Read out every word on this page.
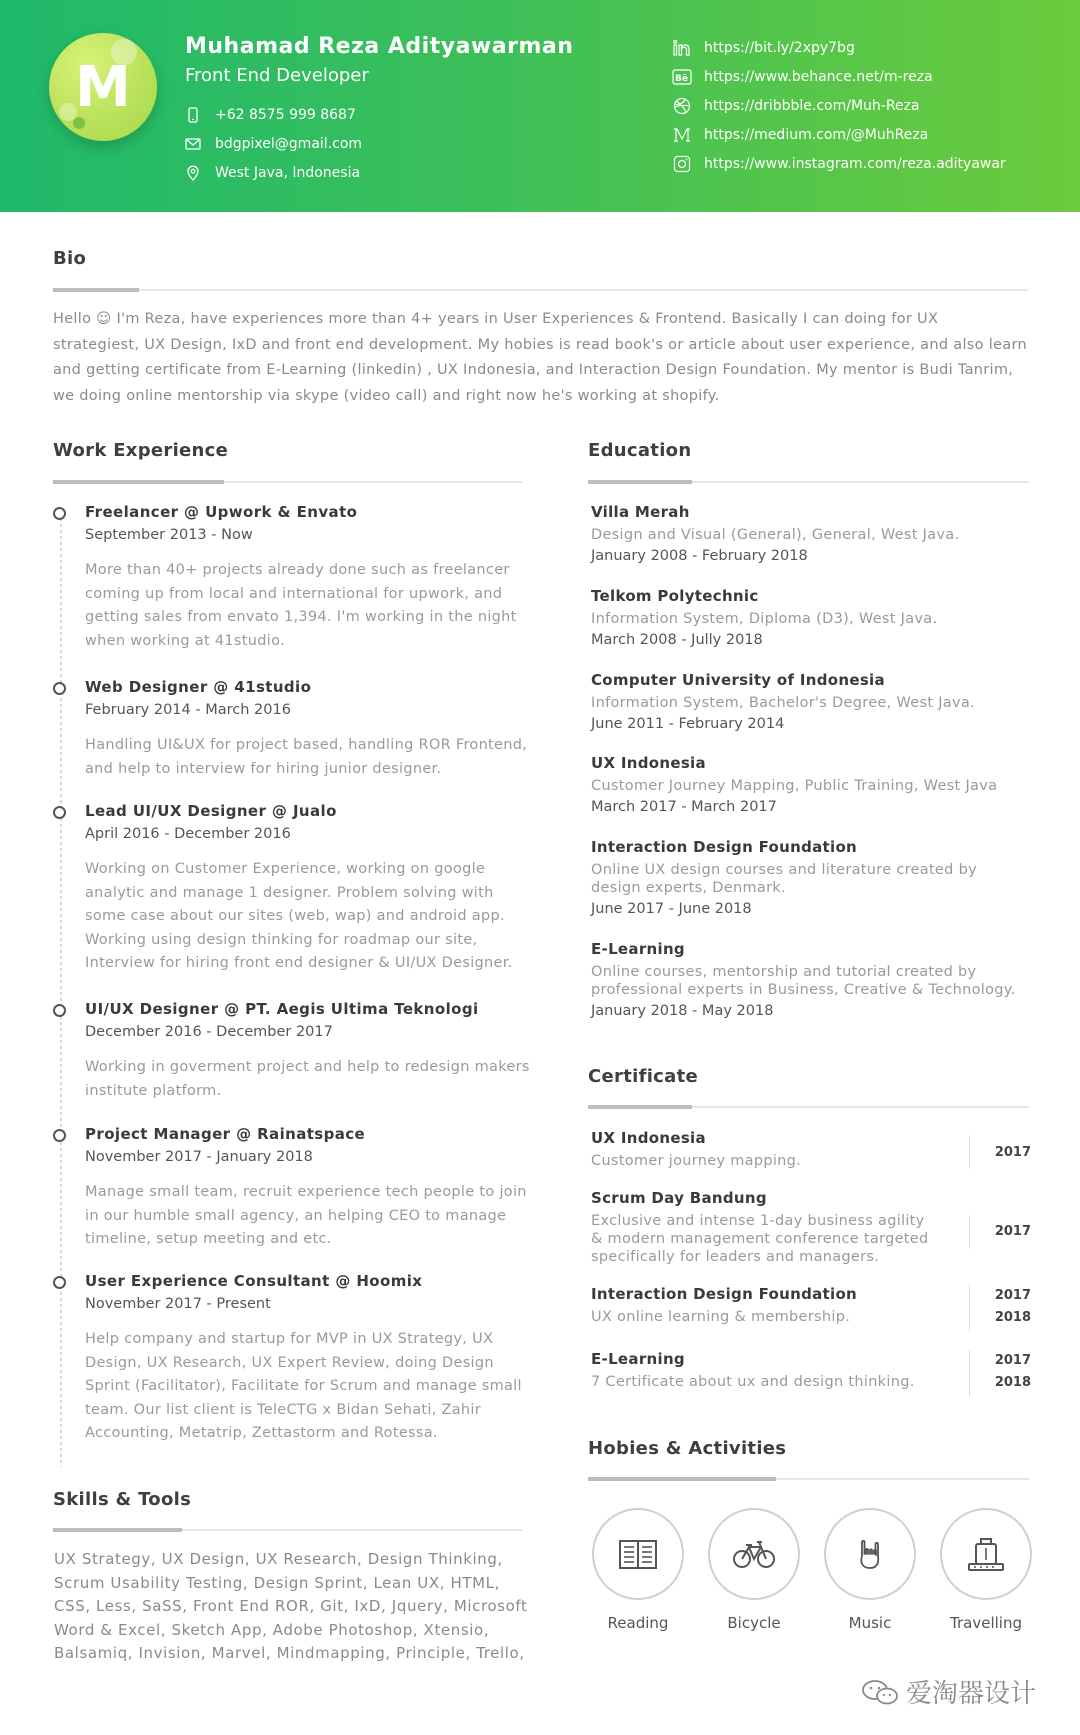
M
Muhamad Reza Adityawarman
Front End Developer
+62 8575 999 8687
bdgpixel@gmail.com
West Java, Indonesia
https://bit.ly/2xpy7bg
Bē https://www.behance.net/m-reza
https://dribbble.com/Muh-Reza
https://medium.com/@MuhReza
https://www.instagram.com/reza.adityawar
Bio
Hello ☺ I'm Reza, have experiences more than 4+ years in User Experiences & Frontend. Basically I can doing for UX strategiest, UX Design, IxD and front end development. My hobies is read book's or article about user experience, and also learn and getting certificate from E-Learning (linkedin) , UX Indonesia, and Interaction Design Foundation. My mentor is Budi Tanrim, we doing online mentorship via skype (video call) and right now he's working at shopify.
Work Experience
Freelancer @ Upwork & Envato
September 2013 - Now
More than 40+ projects already done such as freelancer coming up from local and international for upwork, and getting sales from envato 1,394. I'm working in the night when working at 41studio.
Web Designer @ 41studio
February 2014 - March 2016
Handling UI&UX for project based, handling ROR Frontend, and help to interview for hiring junior designer.
Lead UI/UX Designer @ Jualo
April 2016 - December 2016
Working on Customer Experience, working on google analytic and manage 1 designer. Problem solving with some case about our sites (web, wap) and android app. Working using design thinking for roadmap our site, Interview for hiring front end designer & UI/UX Designer.
UI/UX Designer @ PT. Aegis Ultima Teknologi
December 2016 - December 2017
Working in goverment project and help to redesign makers institute platform.
Project Manager @ Rainatspace
November 2017 - January 2018
Manage small team, recruit experience tech people to join in our humble small agency, an helping CEO to manage timeline, setup meeting and etc.
User Experience Consultant @ Hoomix
November 2017 - Present
Help company and startup for MVP in UX Strategy, UX Design, UX Research, UX Expert Review, doing Design Sprint (Facilitator), Facilitate for Scrum and manage small team. Our list client is TeleCTG x Bidan Sehati, Zahir Accounting, Metatrip, Zettastorm and Rotessa.
Education
Villa Merah
Design and Visual (General), General, West Java.
January 2008 - February 2018
Telkom Polytechnic
Information System, Diploma (D3), West Java.
March 2008 - Jully 2018
Computer University of Indonesia
Information System, Bachelor's Degree, West Java.
June 2011 - February 2014
UX Indonesia
Customer Journey Mapping, Public Training, West Java
March 2017 - March 2017
Interaction Design Foundation
Online UX design courses and literature created by design experts, Denmark.
June 2017 - June 2018
E-Learning
Online courses, mentorship and tutorial created by professional experts in Business, Creative & Technology.
January 2018 - May 2018
Certificate
UX Indonesia
Customer journey mapping.
2017
Scrum Day Bandung
Exclusive and intense 1-day business agility & modern management conference targeted specifically for leaders and managers.
2017
Interaction Design Foundation
UX online learning & membership.
2017
2018
E-Learning
7 Certificate about ux and design thinking.
2017
2018
Skills & Tools
UX Strategy, UX Design, UX Research, Design Thinking, Scrum Usability Testing, Design Sprint, Lean UX, HTML, CSS, Less, SaSS, Front End ROR, Git, IxD, Jquery, Microsoft Word & Excel, Sketch App, Adobe Photoshop, Xtensio, Balsamiq, Invision, Marvel, Mindmapping, Principle, Trello,
Hobies & Activities
Reading	Bicycle	Music	Travelling
爱淘器设计
